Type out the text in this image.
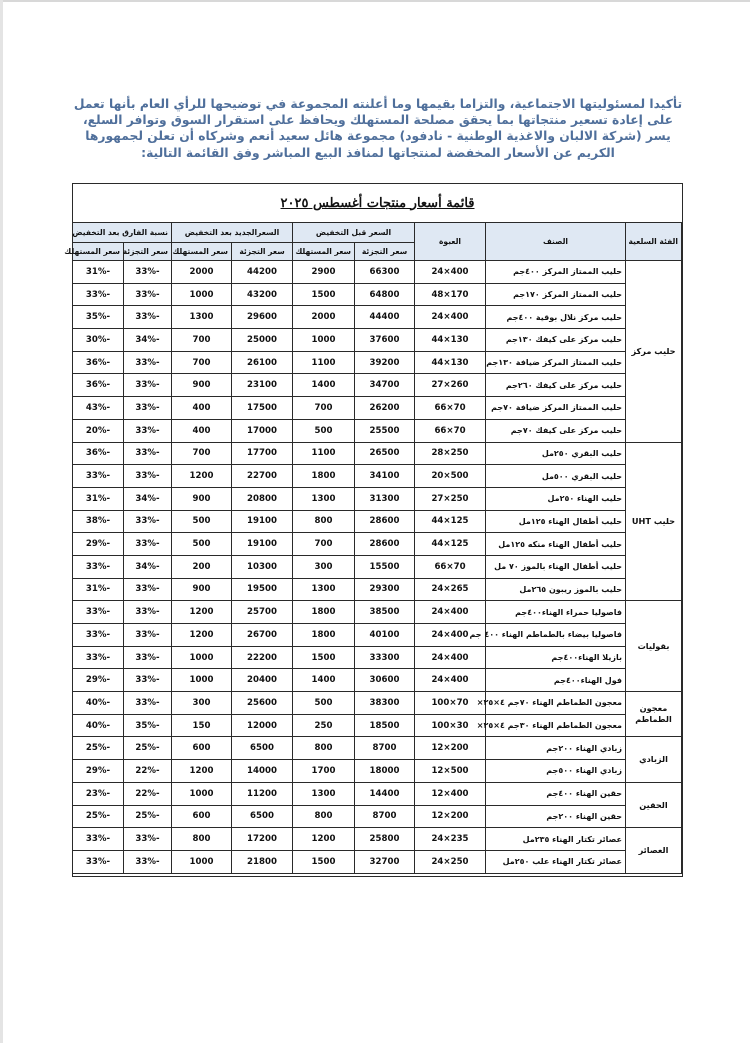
تأكيدا لمسئوليتها الاجتماعية، والتزاما بقيمها وما أعلنته المجموعة في توضيحها للرأي العام بأنها تعمل على إعادة تسعير منتجاتها بما يحقق مصلحة المستهلك ويحافظ على استقرار السوق وتوافر السلع، يسر (شركة الالبان والاغذية الوطنية - نادفود) مجموعة هائل سعيد أنعم وشركاه أن تعلن لجمهورها الكريم عن الأسعار المخفضة لمنتجاتها لمنافذ البيع المباشر وفق القائمة التالية:
قائمة أسعار منتجات أغسطس ٢٠٢٥
الفئة السلعية	الصنف	العبوة	السعر قبل التخفيض		السعرالجديد بعد التخفيض		نسبة الفارق بعد التخفيض	
			سعر التجزئة	سعر المستهلك	سعر التجزئة	سعر المستهلك	سعر التجزئة	سعر المستهلك
حليب مركز	حليب الممتاز المركز ٤٠٠جم	24×400	66300	2900	44200	2000	33%-	31%-
	حليب الممتاز المركز ١٧٠جم	48×170	64800	1500	43200	1000	33%-	33%-
	حليب مركز نلال بوقية ٤٠٠جم	24×400	44400	2000	29600	1300	33%-	35%-
	حليب مركز على كيفك ١٣٠جم	44×130	37600	1000	25000	700	34%-	30%-
	حليب الممتاز المركز ضيافة ١٣٠جم	44×130	39200	1100	26100	700	33%-	36%-
	حليب مركز على كيفك ٢٦٠جم	27×260	34700	1400	23100	900	33%-	36%-
	حليب الممتاز المركز ضيافة ٧٠جم	66×70	26200	700	17500	400	33%-	43%-
	حليب مركز على كيفك ٧٠جم	66×70	25500	500	17000	400	33%-	20%-
حليب UHT	حليب البقري ٢٥٠مل	28×250	26500	1100	17700	700	33%-	36%-
	حليب البقري ٥٠٠مل	20×500	34100	1800	22700	1200	33%-	33%-
	حليب الهناء ٢٥٠مل	27×250	31300	1300	20800	900	34%-	31%-
	حليب أطفال الهناء ١٢٥مل	44×125	28600	800	19100	500	33%-	38%-
	حليب أطفال الهناء منكه ١٢٥مل	44×125	28600	700	19100	500	33%-	29%-
	حليب أطفال الهناء بالموز ٧٠ مل	66×70	15500	300	10300	200	34%-	33%-
	حليب بالموز ريبون ٢٦٥مل	24×265	29300	1300	19500	900	33%-	31%-
بقوليات	فاصوليا حمراء الهناء٤٠٠جم	24×400	38500	1800	25700	1200	33%-	33%-
	فاصوليا بيضاء بالطماطم الهناء ٤٠٠ جم	24×400	40100	1800	26700	1200	33%-	33%-
	بازيلا الهناء٤٠٠جم	24×400	33300	1500	22200	1000	33%-	33%-
	فول الهناء٤٠٠جم	24×400	30600	1400	20400	1000	33%-	29%-
معجون الطماطم	معجون الطماطم الهناء ٧٠جم ٤×٢٥×	100×70	38300	500	25600	300	33%-	40%-
	معجون الطماطم الهناء ٣٠جم ٤×٢٥×	100×30	18500	250	12000	150	35%-	40%-
الزبادي	زبادي الهناء ٢٠٠جم	12×200	8700	800	6500	600	25%-	25%-
	زبادي الهناء ٥٠٠جم	12×500	18000	1700	14000	1200	22%-	29%-
الحقين	حقين الهناء ٤٠٠جم	12×400	14400	1300	11200	1000	22%-	23%-
	حقين الهناء ٢٠٠جم	12×200	8700	800	6500	600	25%-	25%-
العصائر	عصائر تكتار الهناء ٢٣٥مل	24×235	25800	1200	17200	800	33%-	33%-
	عصائر تكتار الهناء علب ٢٥٠مل	24×250	32700	1500	21800	1000	33%-	33%-
